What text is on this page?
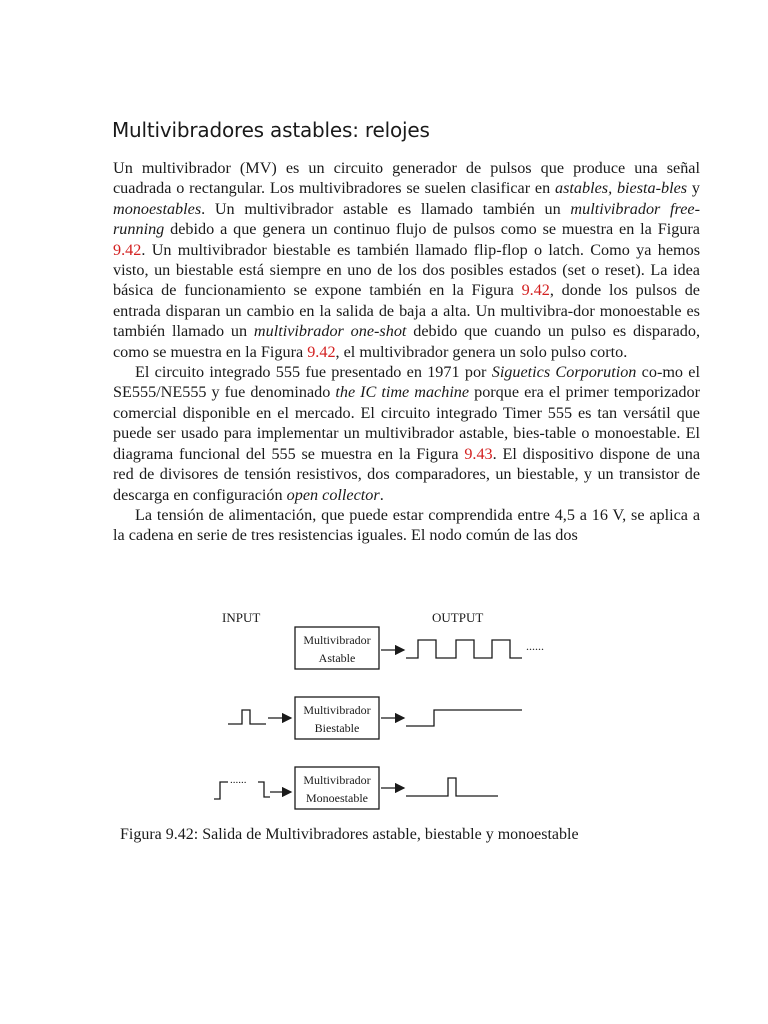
Multivibradores astables: relojes

Un multivibrador (MV) es un circuito generador de pulsos que produce una señal cuadrada o rectangular. Los multivibradores se suelen clasificar en astables, biesta-bles y monoestables. Un multivibrador astable es llamado también un multivibrador free-running debido a que genera un continuo flujo de pulsos como se muestra en la Figura 9.42. Un multivibrador biestable es también llamado flip-flop o latch. Como ya hemos visto, un biestable está siempre en uno de los dos posibles estados (set o reset). La idea básica de funcionamiento se expone también en la Figura 9.42, donde los pulsos de entrada disparan un cambio en la salida de baja a alta. Un multivibra-dor monoestable es también llamado un multivibrador one-shot debido que cuando un pulso es disparado, como se muestra en la Figura 9.42, el multivibrador genera un solo pulso corto.

El circuito integrado 555 fue presentado en 1971 por Siguetics Corporution co-mo el SE555/NE555 y fue denominado the IC time machine porque era el primer temporizador comercial disponible en el mercado. El circuito integrado Timer 555 es tan versátil que puede ser usado para implementar un multivibrador astable, bies-table o monoestable. El diagrama funcional del 555 se muestra en la Figura 9.43. El dispositivo dispone de una red de divisores de tensión resistivos, dos comparadores, un biestable, y un transistor de descarga en configuración open collector.

La tensión de alimentación, que puede estar comprendida entre 4,5 a 16 V, se aplica a la cadena en serie de tres resistencias iguales. El nodo común de las dos

INPUT	OUTPUT
Multivibrador
Astable
......
Multivibrador
Biestable
......	Multivibrador
Monoestable
Figura 9.42: Salida de Multivibradores astable, biestable y monoestable
